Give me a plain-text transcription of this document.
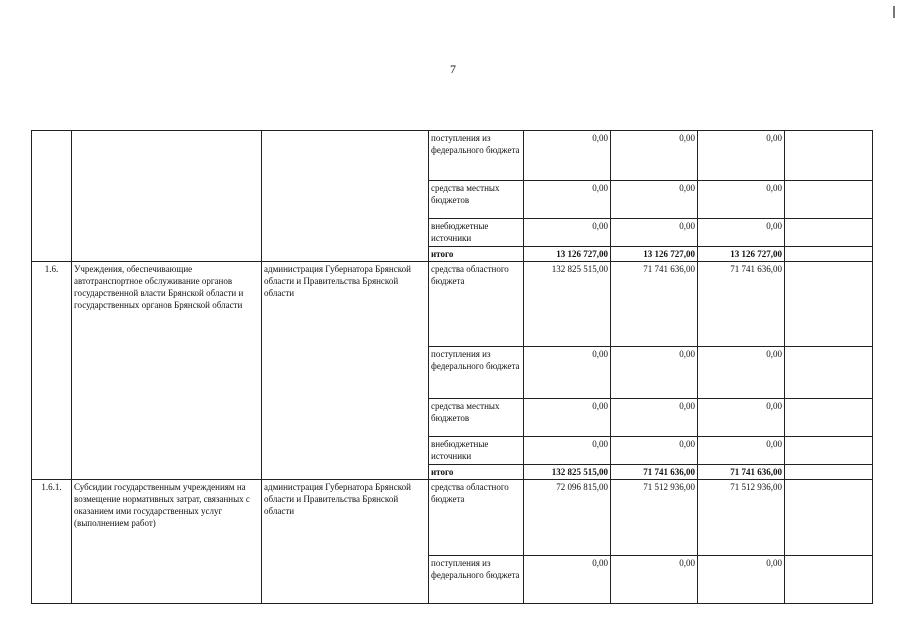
7
			поступления из федерального бюджета	0,00	0,00	0,00	
			средства местных бюджетов	0,00	0,00	0,00	
			внебюджетные источники	0,00	0,00	0,00	
			итого	13 126 727,00	13 126 727,00	13 126 727,00	
1.6.	Учреждения, обеспечивающие автотранспортное обслуживание органов государственной власти Брянской области и государственных органов Брянской области	администрация Губернатора Брянской области и Правительства Брянской области	средства областного бюджета	132 825 515,00	71 741 636,00	71 741 636,00	
			поступления из федерального бюджета	0,00	0,00	0,00	
			средства местных бюджетов	0,00	0,00	0,00	
			внебюджетные источники	0,00	0,00	0,00	
			итого	132 825 515,00	71 741 636,00	71 741 636,00	
1.6.1.	Субсидии государственным учреждениям на возмещение нормативных затрат, связанных с оказанием ими государственных услуг (выполнением работ)	администрация Губернатора Брянской области и Правительства Брянской области	средства областного бюджета	72 096 815,00	71 512 936,00	71 512 936,00	
			поступления из федерального бюджета	0,00	0,00	0,00	
